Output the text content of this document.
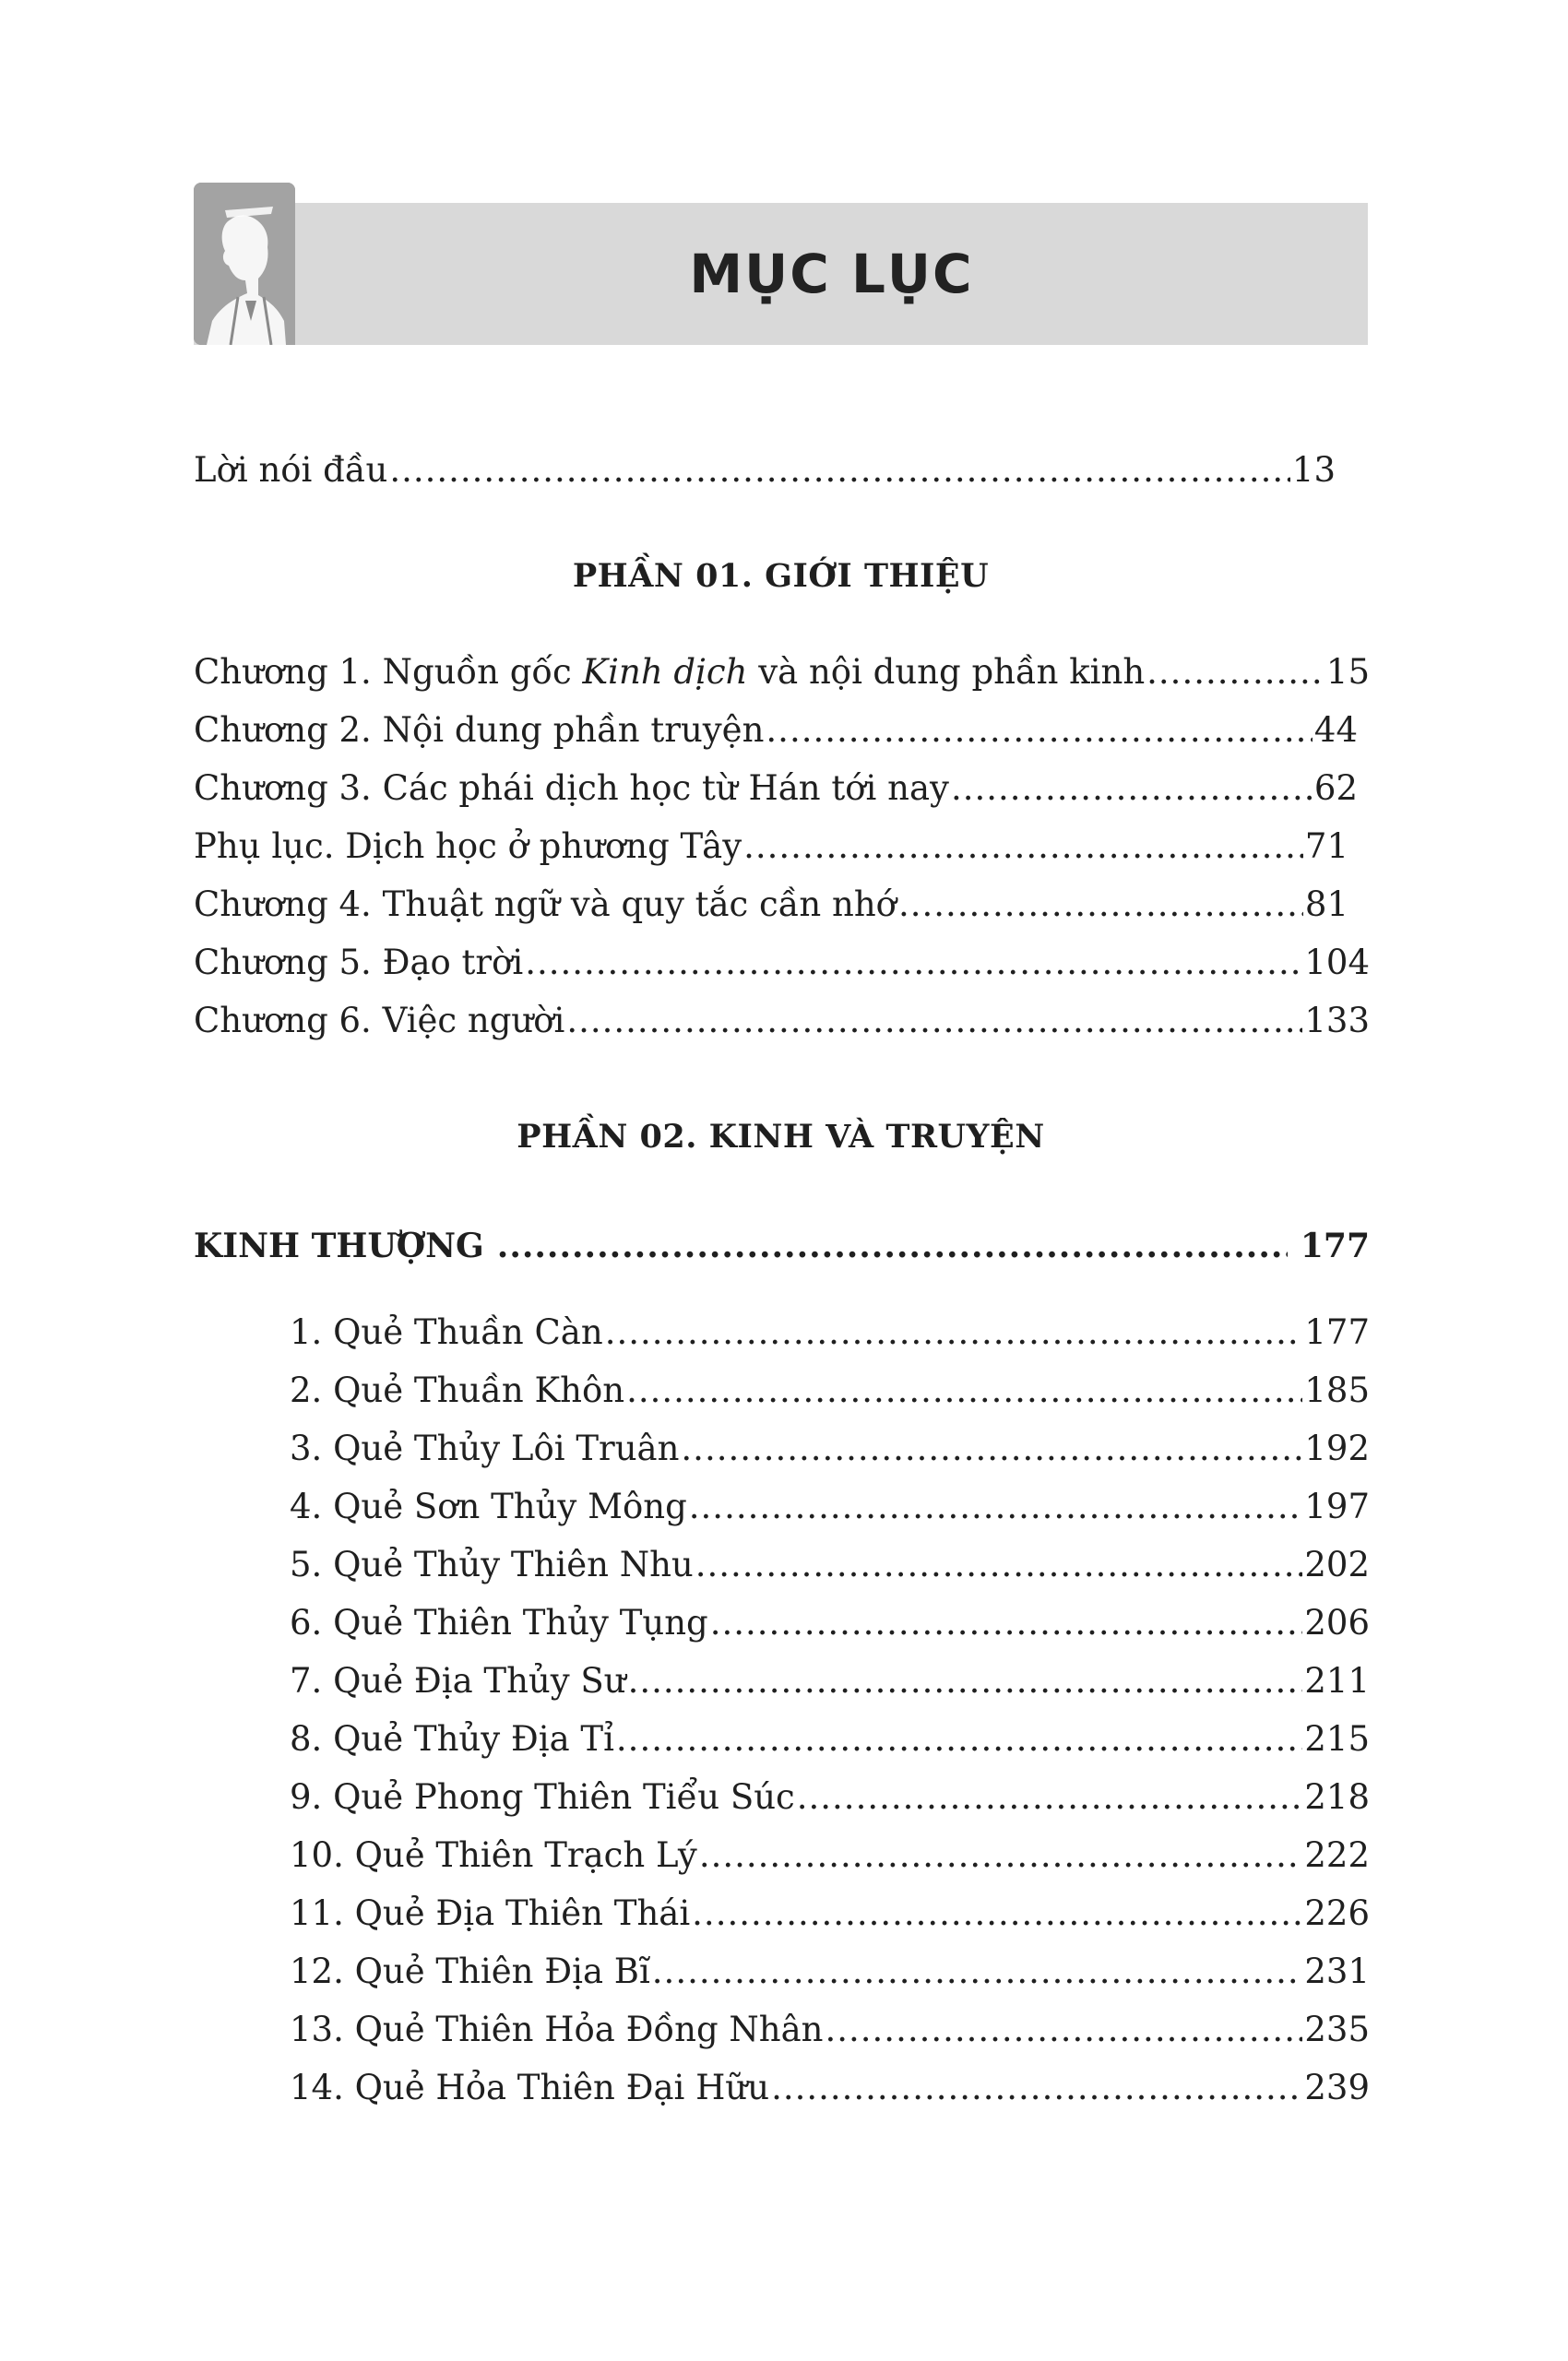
MỤC LỤC
Lời nói đầu .....	13
PHẦN 01. GIỚI THIỆU
Chương 1. Nguồn gốc Kinh dịch và nội dung phần kinh .....	15
Chương 2. Nội dung phần truyện .....	44
Chương 3. Các phái dịch học từ Hán tới nay .....	62
Phụ lục. Dịch học ở phương Tây .....	71
Chương 4. Thuật ngữ và quy tắc cần nhớ .....	81
Chương 5. Đạo trời .....	104
Chương 6. Việc người .....	133
PHẦN 02. KINH VÀ TRUYỆN
KINH THƯỢNG .....	177
1. Quẻ Thuần Càn .....	177
2. Quẻ Thuần Khôn .....	185
3. Quẻ Thủy Lôi Truân .....	192
4. Quẻ Sơn Thủy Mông .....	197
5. Quẻ Thủy Thiên Nhu .....	202
6. Quẻ Thiên Thủy Tụng .....	206
7. Quẻ Địa Thủy Sư .....	211
8. Quẻ Thủy Địa Tỉ .....	215
9. Quẻ Phong Thiên Tiểu Súc .....	218
10. Quẻ Thiên Trạch Lý .....	222
11. Quẻ Địa Thiên Thái .....	226
12. Quẻ Thiên Địa Bĩ .....	231
13. Quẻ Thiên Hỏa Đồng Nhân .....	235
14. Quẻ Hỏa Thiên Đại Hữu .....	239
